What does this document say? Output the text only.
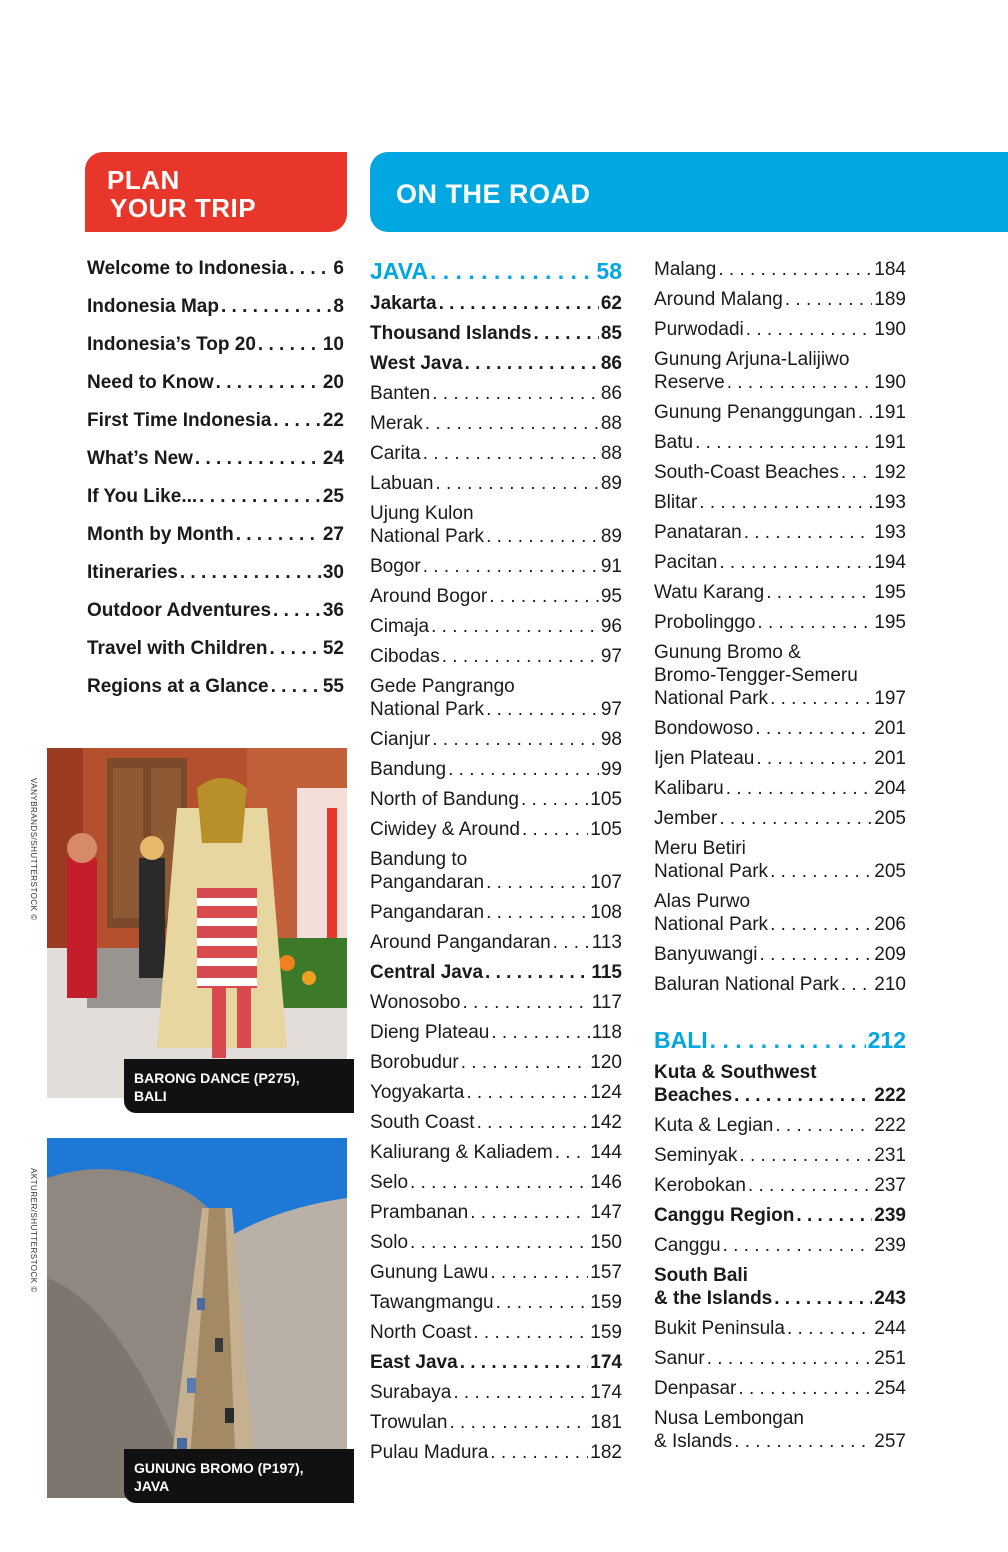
PLAN
YOUR TRIP	ON THE ROAD
Welcome to Indonesia . . . 6
Indonesia Map . . .	8
Indonesia’s Top 20 . . .	10
Need to Know . . .	20
First Time Indonesia . . .	22
What’s New . . .	24
If You Like... . . .	25
Month by Month . . .	27
Itineraries . . .	30
Outdoor Adventures . . .	36
Travel with Children . . .	52
Regions at a Glance . . .	55
JAVA . . .	58
Jakarta . . .	62
Thousand Islands . . .	85
West Java . . .	86
Banten . . .	86
Merak . . .	88
Carita . . .	88
Labuan . . .	89
Ujung Kulon
National Park . . .	89
Bogor . . .	91
Around Bogor . . .	95
Cimaja . . .	96
Cibodas . . .	97
Gede Pangrango
National Park . . .	97
Cianjur . . .	98
Bandung . . .	99
North of Bandung . . .	105
Ciwidey & Around . . .	105
Bandung to
Pangandaran . . .	107
Pangandaran . . .	108
Around Pangandaran . . . 113
Central Java . . .	115
Wonosobo . . .	117
Dieng Plateau . . .	118
Borobudur . . .	120
Yogyakarta . . .	124
South Coast . . .	142
Kaliurang & Kaliadem . . . 144
Selo . . .	146
Prambanan . . .	147
Solo . . .	150
Gunung Lawu . . .	157
Tawangmangu . . .	159
North Coast . . .	159
East Java . . .	174
Surabaya . . .	174
Trowulan . . .	181
Pulau Madura . . .	182
Malang . . .	184
Around Malang . . .	189
Purwodadi . . .	190
Gunung Arjuna-Lalijiwo
Reserve . . .	190
Gunung Penanggungan . . . 191
Batu . . .	191
South-Coast Beaches . . . 192
Blitar . . .	193
Panataran . . .	193
Pacitan . . .	194
Watu Karang . . .	195
Probolinggo . . .	195
Gunung Bromo &
Bromo-Tengger-Semeru
National Park . . .	197
Bondowoso . . .	201
Ijen Plateau . . .	201
Kalibaru . . .	204
Jember . . .	205
Meru Betiri
National Park . . .	205
Alas Purwo
National Park . . .	206
Banyuwangi . . .	209
Baluran National Park . . . 210
BALI . . .	212
Kuta & Southwest
Beaches . . .	222
Kuta & Legian . . .	222
Seminyak . . .	231
Kerobokan . . .	237
Canggu Region . . .	239
Canggu . . .	239
South Bali
& the Islands . . .	243
Bukit Peninsula . . .	244
Sanur . . .	251
Denpasar . . .	254
Nusa Lembongan
& Islands . . .	257
VANYBRANDS/SHUTTERSTOCK ©
BARONG DANCE (P275),
BALI
AKTURER/SHUTTERSTOCK ©
GUNUNG BROMO (P197),
JAVA
